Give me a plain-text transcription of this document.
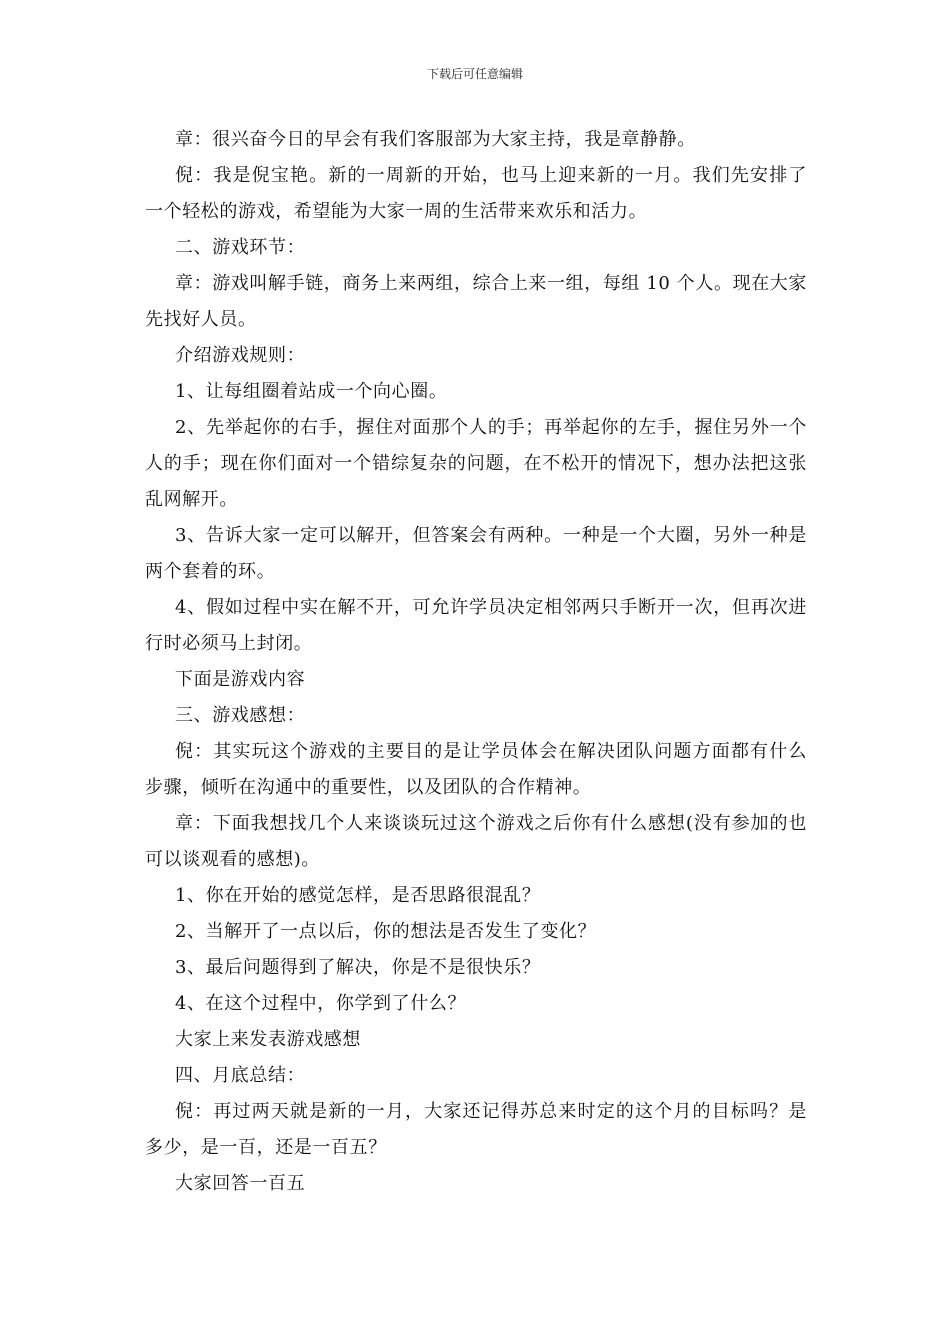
下载后可任意编辑

章：很兴奋今日的早会有我们客服部为大家主持，我是章静静。

倪：我是倪宝艳。新的一周新的开始，也马上迎来新的一月。我们先安排了一个轻松的游戏，希望能为大家一周的生活带来欢乐和活力。

二、游戏环节：

章：游戏叫解手链，商务上来两组，综合上来一组，每组 10 个人。现在大家先找好人员。

介绍游戏规则：

1、让每组圈着站成一个向心圈。

2、先举起你的右手，握住对面那个人的手；再举起你的左手，握住另外一个人的手；现在你们面对一个错综复杂的问题，在不松开的情况下，想办法把这张乱网解开。

3、告诉大家一定可以解开，但答案会有两种。一种是一个大圈，另外一种是两个套着的环。

4、假如过程中实在解不开，可允许学员决定相邻两只手断开一次，但再次进行时必须马上封闭。

下面是游戏内容

三、游戏感想：

倪：其实玩这个游戏的主要目的是让学员体会在解决团队问题方面都有什么步骤，倾听在沟通中的重要性，以及团队的合作精神。

章：下面我想找几个人来谈谈玩过这个游戏之后你有什么感想(没有参加的也可以谈观看的感想)。

1、你在开始的感觉怎样，是否思路很混乱？

2、当解开了一点以后，你的想法是否发生了变化？

3、最后问题得到了解决，你是不是很快乐？

4、在这个过程中，你学到了什么？

大家上来发表游戏感想

四、月底总结：

倪：再过两天就是新的一月，大家还记得苏总来时定的这个月的目标吗？是多少，是一百，还是一百五？

大家回答一百五
